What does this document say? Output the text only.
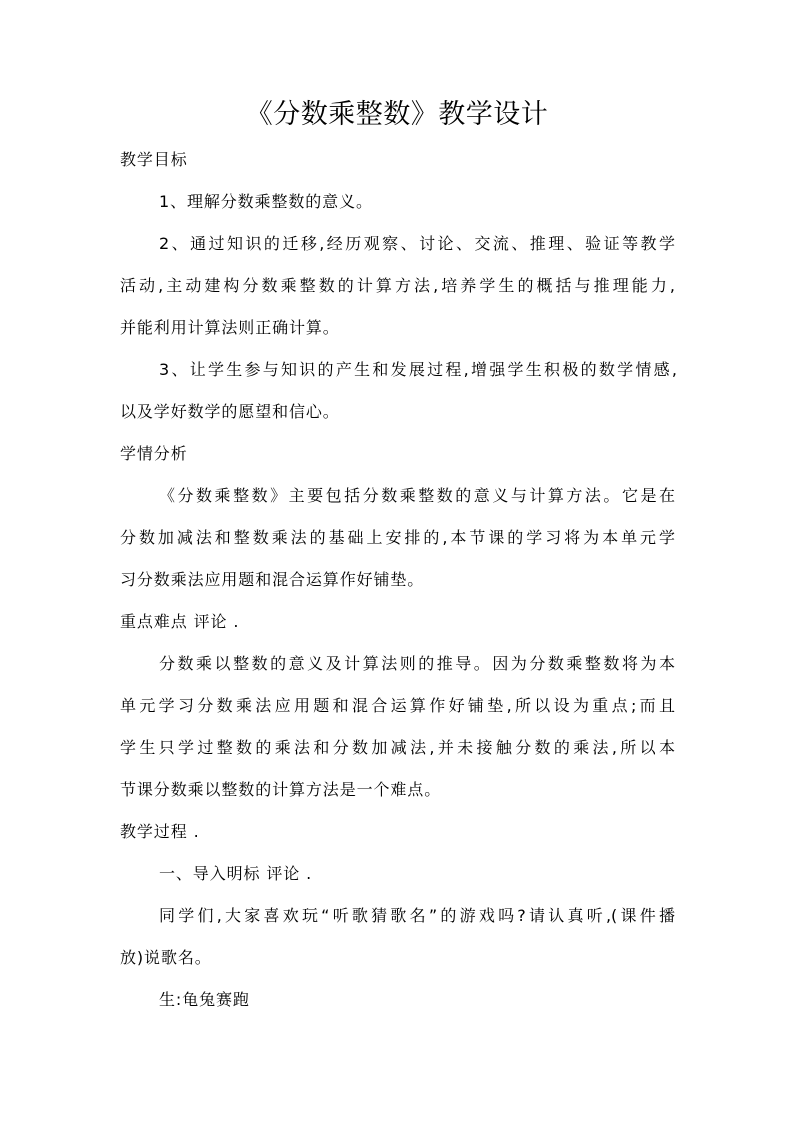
《分数乘整数》教学设计
教学目标
1、理解分数乘整数的意义。
2、通过知识的迁移,经历观察、讨论、交流、推理、验证等教学
活动,主动建构分数乘整数的计算方法,培养学生的概括与推理能力,
并能利用计算法则正确计算。
3、让学生参与知识的产生和发展过程,增强学生积极的数学情感,
以及学好数学的愿望和信心。
学情分析
《分数乘整数》主要包括分数乘整数的意义与计算方法。它是在
分数加减法和整数乘法的基础上安排的,本节课的学习将为本单元学
习分数乘法应用题和混合运算作好铺垫。
重点难点 评论 .
分数乘以整数的意义及计算法则的推导。因为分数乘整数将为本
单元学习分数乘法应用题和混合运算作好铺垫,所以设为重点;而且
学生只学过整数的乘法和分数加减法,并未接触分数的乘法,所以本
节课分数乘以整数的计算方法是一个难点。
教学过程 .
一、导入明标 评论 .
同学们,大家喜欢玩“听歌猜歌名”的游戏吗?请认真听,(课件播
放)说歌名。
生:龟兔赛跑
